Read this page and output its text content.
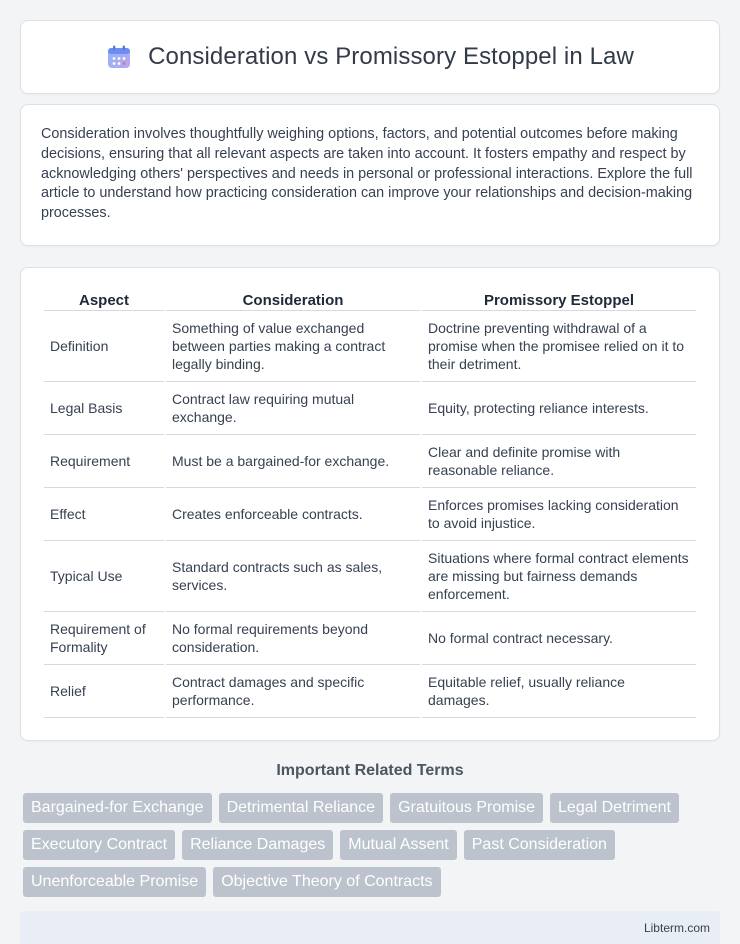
Consideration vs Promissory Estoppel in Law

Consideration involves thoughtfully weighing options, factors, and potential outcomes before making decisions, ensuring that all relevant aspects are taken into account. It fosters empathy and respect by acknowledging others' perspectives and needs in personal or professional interactions. Explore the full article to understand how practicing consideration can improve your relationships and decision-making processes.

Aspect	Consideration	Promissory Estoppel
Definition	Something of value exchanged between parties making a contract legally binding.	Doctrine preventing withdrawal of a promise when the promisee relied on it to their detriment.
Legal Basis	Contract law requiring mutual exchange.	Equity, protecting reliance interests.
Requirement	Must be a bargained-for exchange.	Clear and definite promise with reasonable reliance.
Effect	Creates enforceable contracts.	Enforces promises lacking consideration to avoid injustice.
Typical Use	Standard contracts such as sales, services.	Situations where formal contract elements are missing but fairness demands enforcement.
Requirement of Formality	No formal requirements beyond consideration.	No formal contract necessary.
Relief	Contract damages and specific performance.	Equitable relief, usually reliance damages.
Important Related Terms
Bargained-for Exchange	Detrimental Reliance	Gratuitous Promise	Legal Detriment
Executory Contract	Reliance Damages	Mutual Assent	Past Consideration
Unenforceable Promise	Objective Theory of Contracts
Libterm.com
